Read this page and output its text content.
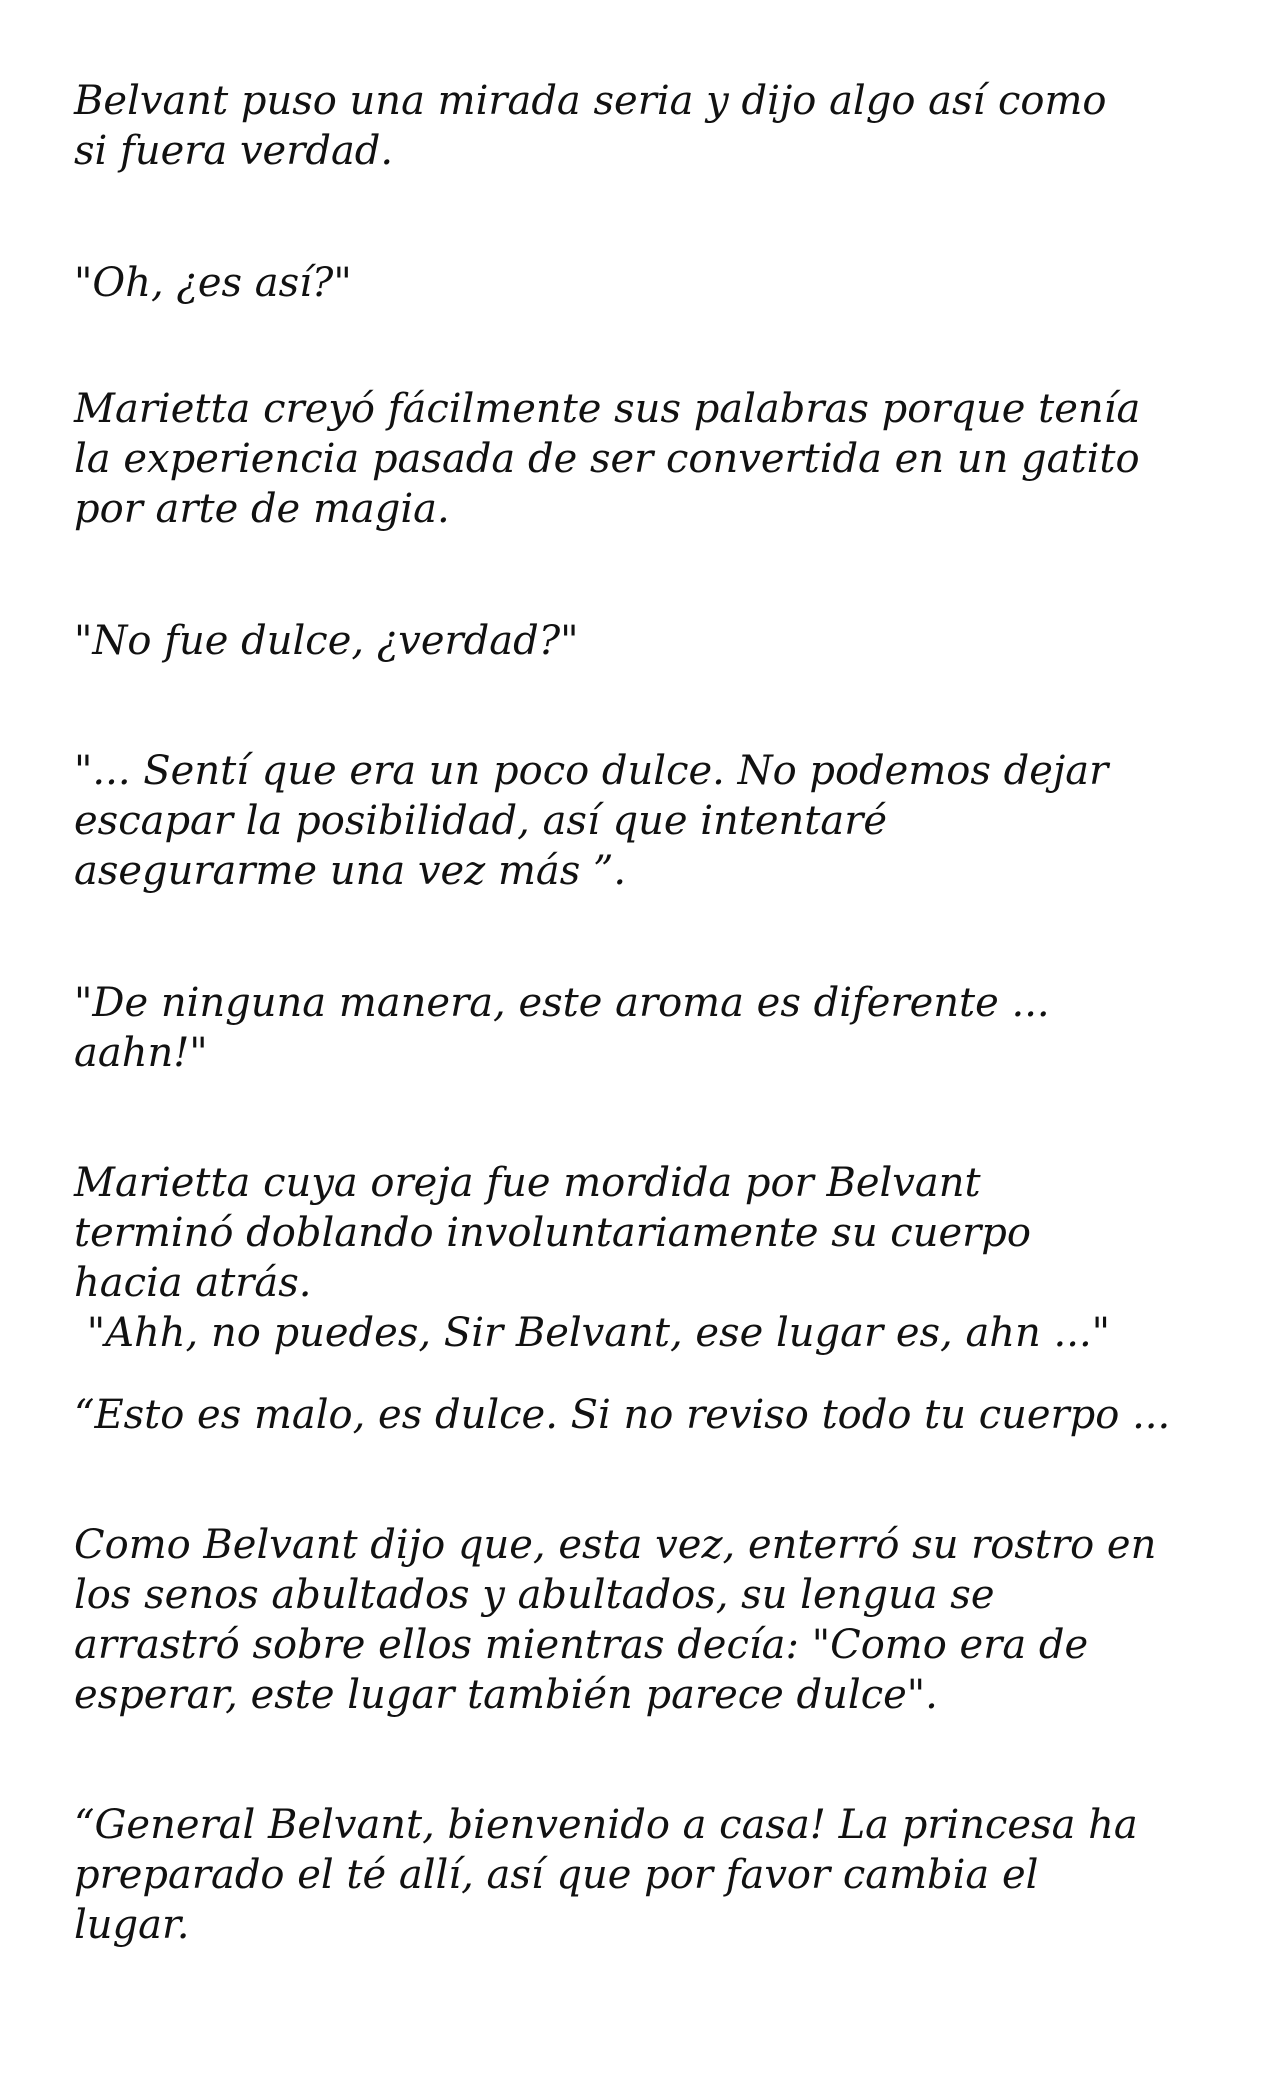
Belvant puso una mirada seria y dijo algo así como
si fuera verdad.

"Oh, ¿es así?"

Marietta creyó fácilmente sus palabras porque tenía
la experiencia pasada de ser convertida en un gatito
por arte de magia.

"No fue dulce, ¿verdad?"

"... Sentí que era un poco dulce. No podemos dejar
escapar la posibilidad, así que intentaré
asegurarme una vez más ”.

"De ninguna manera, este aroma es diferente ...
aahn!"

Marietta cuya oreja fue mordida por Belvant
terminó doblando involuntariamente su cuerpo
hacia atrás.
"Ahh, no puedes, Sir Belvant, ese lugar es, ahn ..."

“Esto es malo, es dulce. Si no reviso todo tu cuerpo ...

Como Belvant dijo que, esta vez, enterró su rostro en
los senos abultados y abultados, su lengua se
arrastró sobre ellos mientras decía: "Como era de
esperar, este lugar también parece dulce".

“General Belvant, bienvenido a casa! La princesa ha
preparado el té allí, así que por favor cambia el
lugar.
